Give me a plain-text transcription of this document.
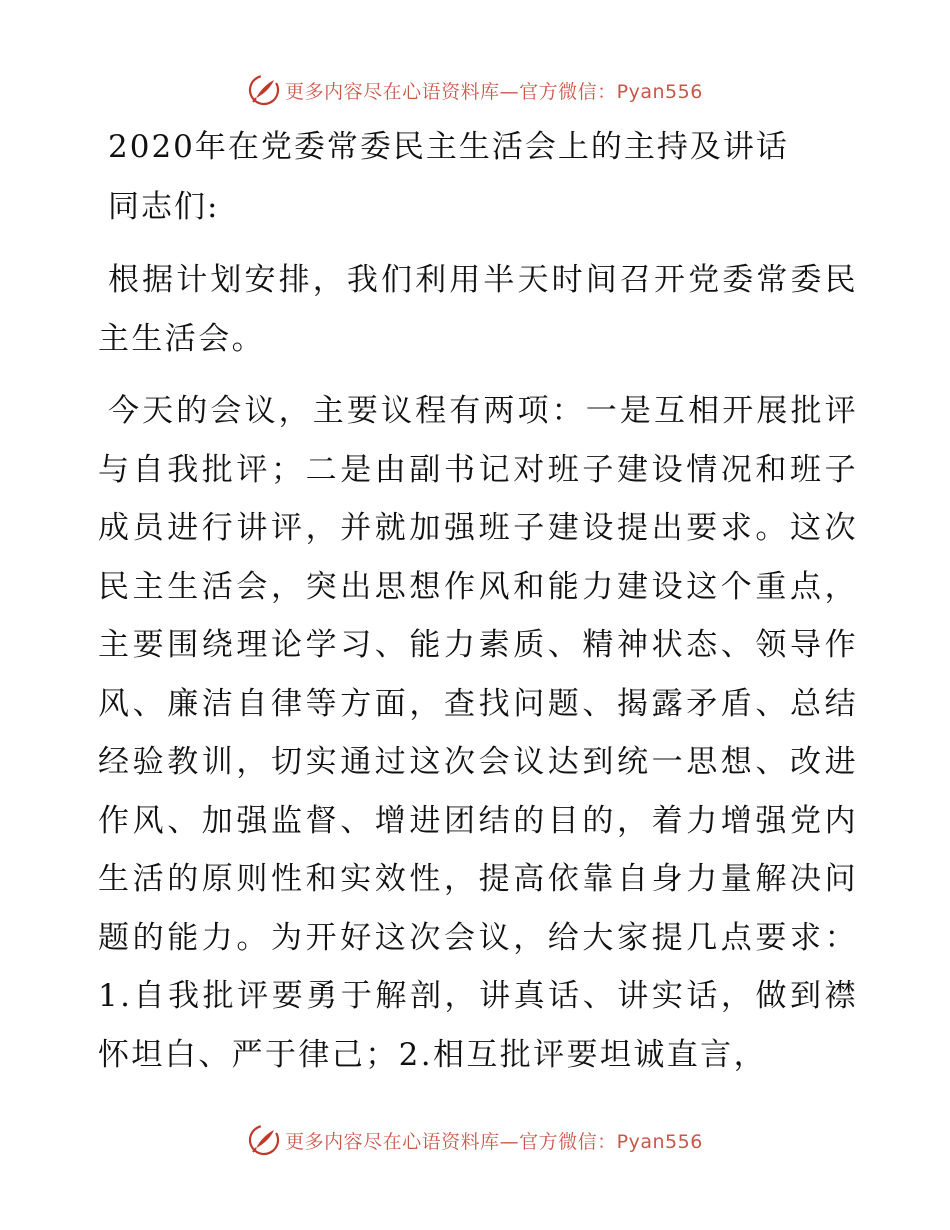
更多内容尽在心语资料库—官方微信：Pyan556
2020年在党委常委民主生活会上的主持及讲话
同志们:

根据计划安排，我们利用半天时间召开党委常委民主生活会。

今天的会议，主要议程有两项：一是互相开展批评与自我批评；二是由副书记对班子建设情况和班子成员进行讲评，并就加强班子建设提出要求。这次民主生活会，突出思想作风和能力建设这个重点，主要围绕理论学习、能力素质、精神状态、领导作风、廉洁自律等方面，查找问题、揭露矛盾、总结经验教训，切实通过这次会议达到统一思想、改进作风、加强监督、增进团结的目的，着力增强党内生活的原则性和实效性，提高依靠自身力量解决问题的能力。为开好这次会议，给大家提几点要求：1.自我批评要勇于解剖，讲真话、讲实话，做到襟怀坦白、严于律己；2.相互批评要坦诚直言，

更多内容尽在心语资料库—官方微信：Pyan556
